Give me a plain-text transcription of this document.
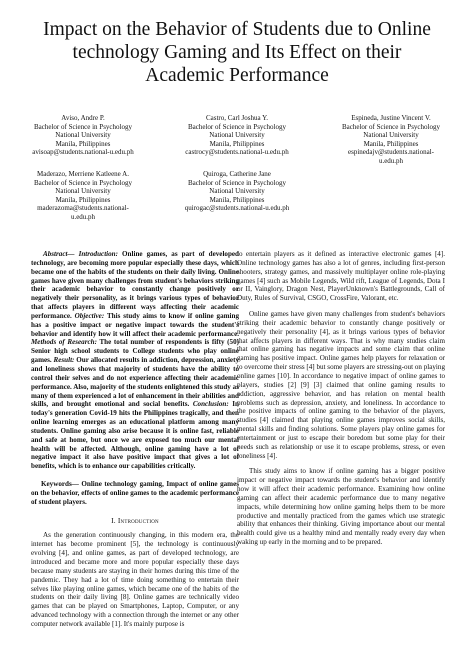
Impact on the Behavior of Students due to Online
technology Gaming and Its Effect on their
Academic Performance
Aviso, Andre P.
Bachelor of Science in Psychology
National University
Manila, Philippines
avisoap@students.national-u.edu.ph
Castro, Carl Joshua Y.
Bachelor of Science in Psychology
National University
Manila, Philippines
castrocy@students.national-u.edu.ph
Espineda, Justine Vincent V.
Bachelor of Science in Psychology
National University
Manila, Philippines
espinedajv@students.national-
u.edu.ph
Maderazo, Merriene Katleene A.
Bachelor of Science in Psychology
National University
Manila, Philippines
maderazoma@students.national-
u.edu.ph
Quiroga, Catherine Jane
Bachelor of Science in Psychology
National University
Manila, Philippines
quirogac@students.national-u.edu.ph

Abstract— Introduction: Online games, as part of developed technology, are becoming more popular especially these days, which became one of the habits of the students on their daily living. Online games have given many challenges from student's behaviors striking their academic behavior to constantly change positively or negatively their personality, as it brings various types of behavior that affects players in different ways affecting their academic performance. Objective: This study aims to know if online gaming has a positive impact or negative impact towards the student's behavior and identify how it will affect their academic performance. Methods of Research: The total number of respondents is fifty (50) Senior high school students to College students who play online games. Result: Our allocated results in addiction, depression, anxiety and loneliness shows that majority of students have the ability to control their selves and do not experience affecting their academic performance. Also, majority of the students enlightened this study as many of them experienced a lot of enhancement in their abilities and skills, and brought emotional and social benefits. Conclusion: In today's generation Covid-19 hits the Philippines tragically, and then online learning emerges as an educational platform among many students. Online gaming also arise because it is online fast, reliable and safe at home, but once we are exposed too much our mental health will be affected. Although, online gaming have a lot of negative impact it also have positive impact that gives a lot of benefits, which is to enhance our capabilities critically.

Keywords— Online technology gaming, Impact of online games on the behavior, effects of online games to the academic performance of student players.

I. Introduction

As the generation continuously changing, in this modern era, the internet has become prominent [5], the technology is continuously evolving [4], and online games, as part of developed technology, are introduced and became more and more popular especially these days because many students are staying in their homes during this time of the pandemic. They had a lot of time doing something to entertain their selves like playing online games, which became one of the habits of the students on their daily living [8]. Online games are technically video games that can be played on Smartphones, Laptop, Computer, or any advanced technology with a connection through the internet or any other computer network available [1]. It's mainly purpose is

to entertain players as it defined as interactive electronic games [4]. Online technology games has also a lot of genres, including first-person shooters, strategy games, and massively multiplayer online role-playing games [4] such as Mobile Legends, Wild rift, League of Legends, Dota I or II, Vainglory, Dragon Nest, PlayerUnknown's Battlegrounds, Call of Duty, Rules of Survival, CSGO, CrossFire, Valorant, etc.

Online games have given many challenges from student's behaviors striking their academic behavior to constantly change positively or negatively their personality [4], as it brings various types of behavior that affects players in different ways. That is why many studies claim that online gaming has negative impacts and some claim that online gaming has positive impact. Online games help players for relaxation or to overcome their stress [4] but some players are stressing-out on playing online games [10]. In accordance to negative impact of online games to players, studies [2] [9] [3] claimed that online gaming results to addiction, aggressive behavior, and has relation on mental health problems such as depression, anxiety, and loneliness. In accordance to the positive impacts of online gaming to the behavior of the players, studies [4] claimed that playing online games improves social skills, mental skills and finding solutions. Some players play online games for entertainment or just to escape their boredom but some play for their needs such as relationship or use it to escape problems, stress, or even loneliness [4].

This study aims to know if online gaming has a bigger positive impact or negative impact towards the student's behavior and identify how it will affect their academic performance. Examining how online gaming can affect their academic performance due to many negative impacts, while determining how online gaming helps them to be more productive and mentally practiced from the games which use strategic ability that enhances their thinking. Giving importance about our mental health could give us a healthy mind and mentally ready every day when waking up early in the morning and to be prepared.
